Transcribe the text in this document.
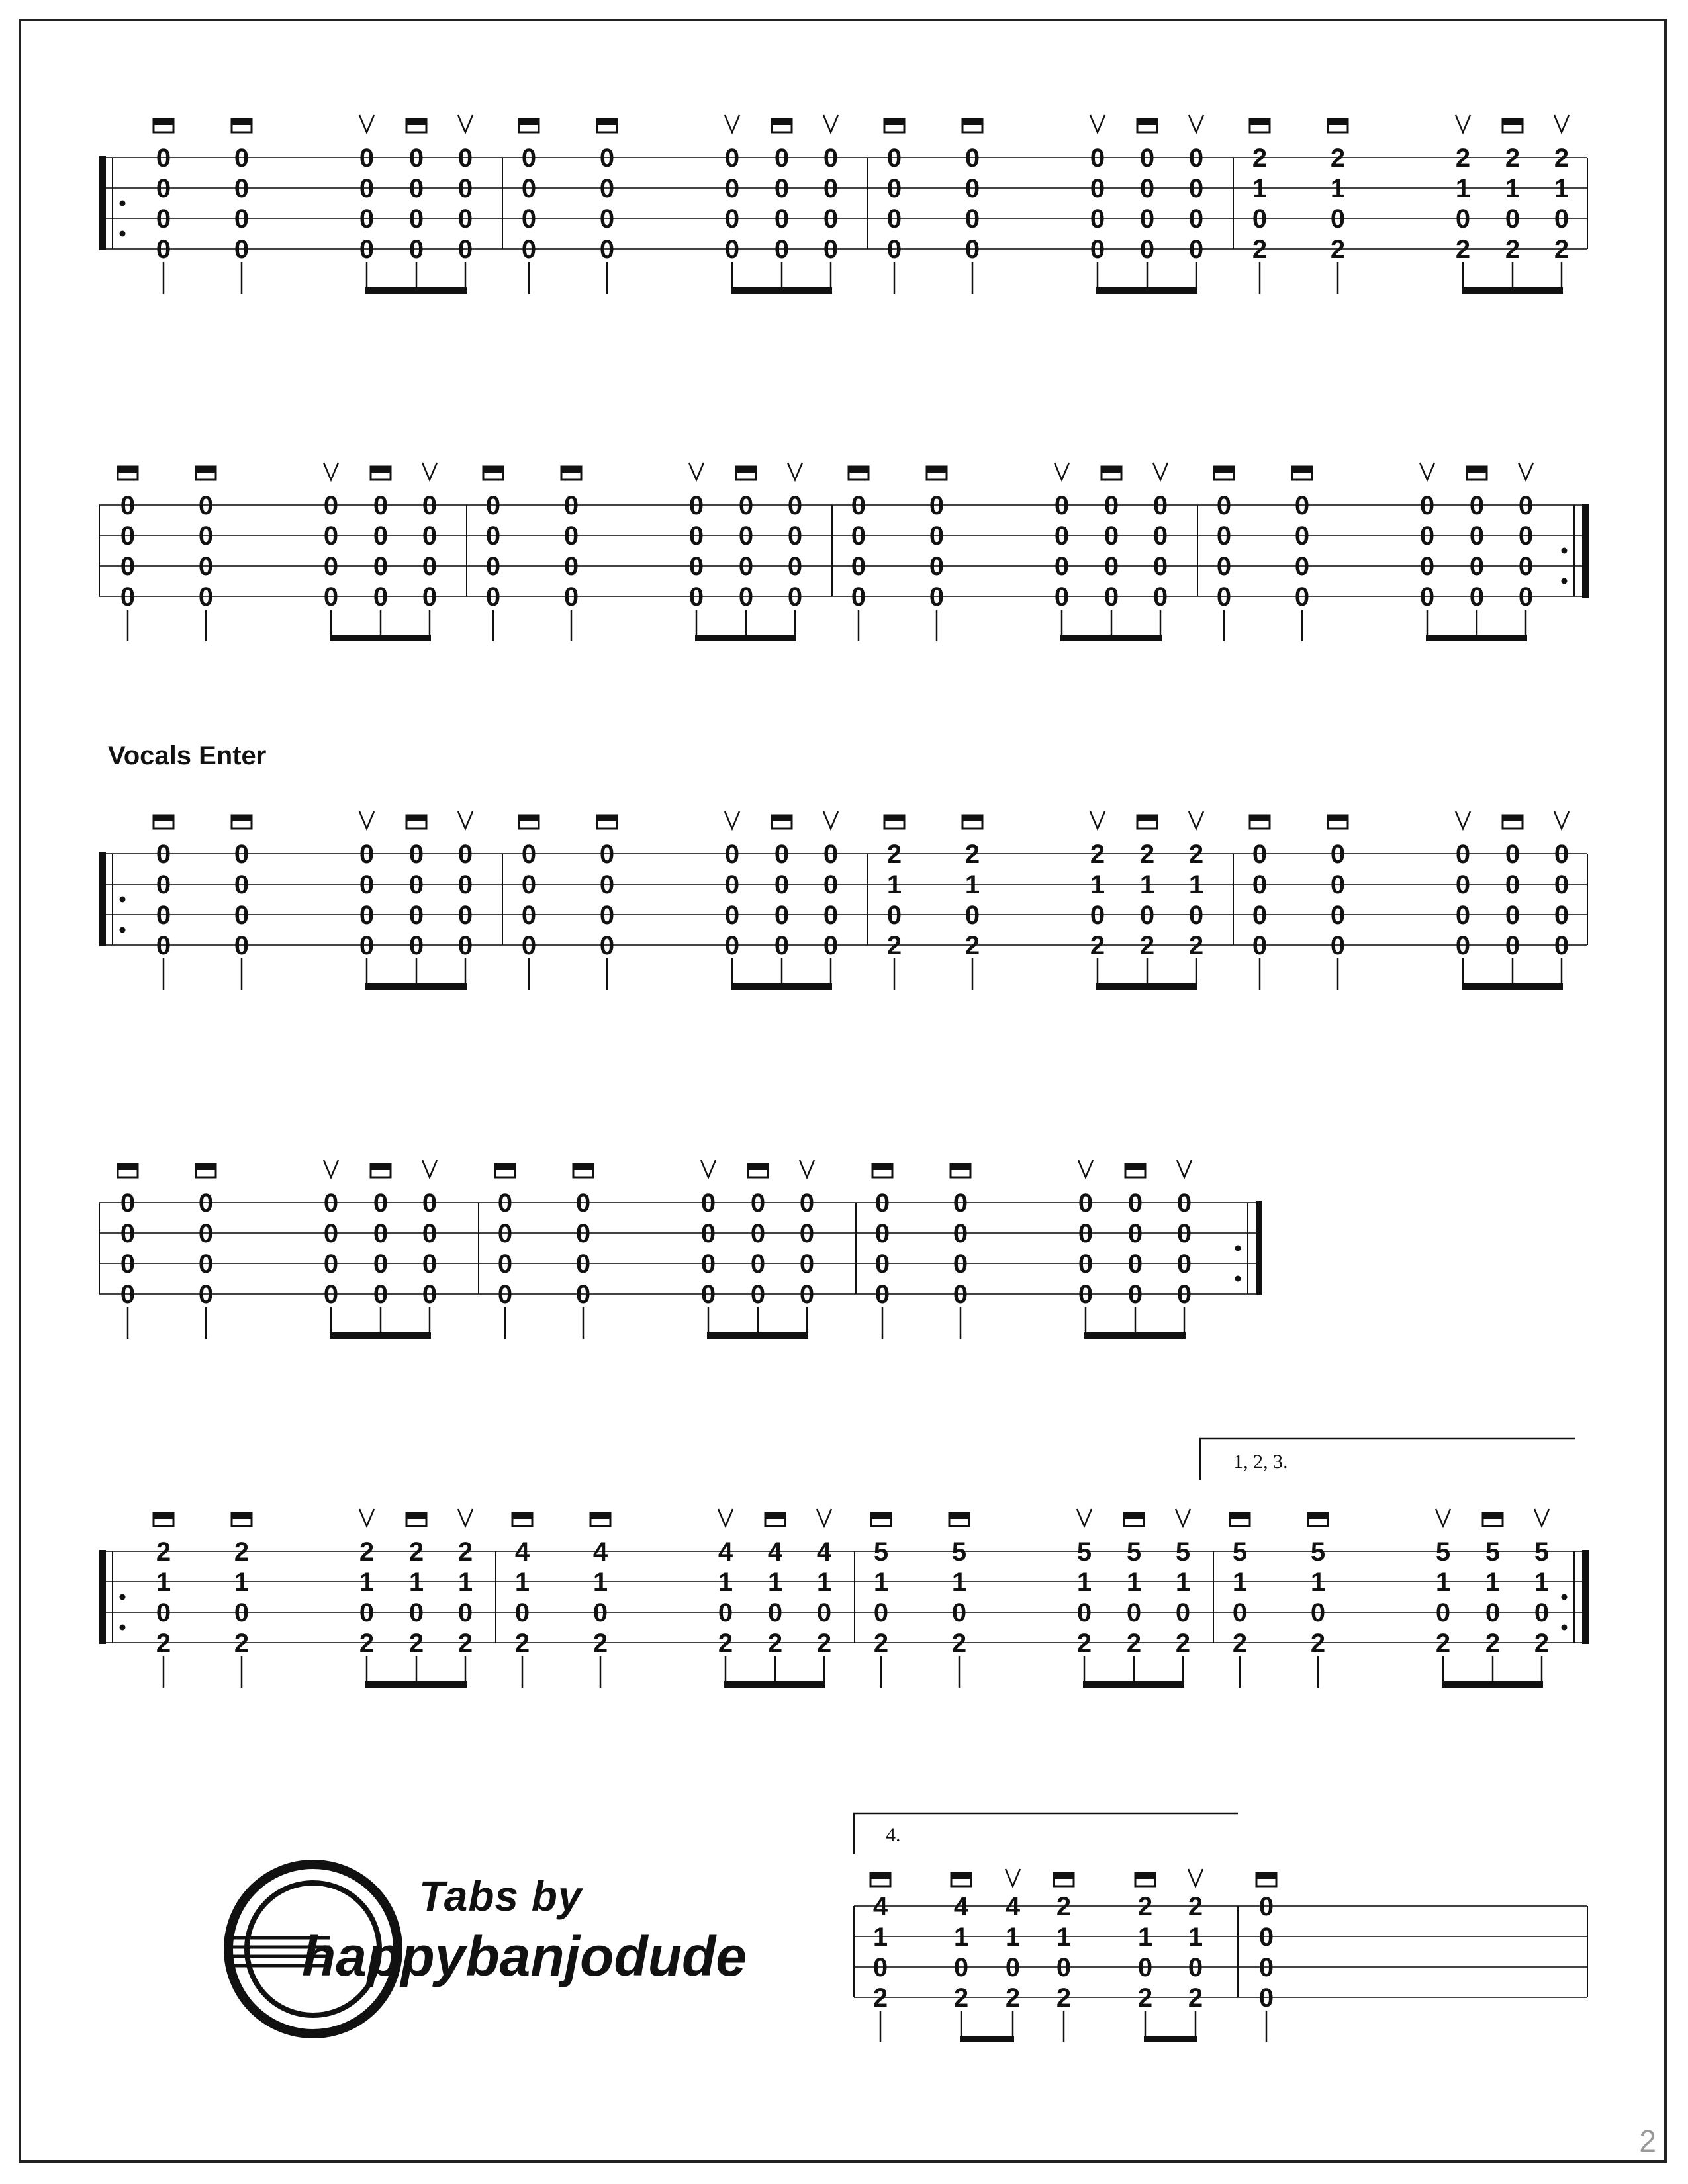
Vocals Enter
0
0
0
0
0
0
0
0
0
0
0
0
0
0
0
0
0
0
0
0
0
0
0
0
0
0
0
0
0
0
0
0
0
0
0
0
0
0
0
0
0
0
0
0
0
0
0
0
0
0
0
0
0
0
0
0
0
0
0
0
2
1
0
2
2
1
0
2
2
1
0
2
2
1
0
2
2
1
0
2
0
0
0
0
0
0
0
0
0
0
0
0
0
0
0
0
0
0
0
0
0
0
0
0
0
0
0
0
0
0
0
0
0
0
0
0
0
0
0
0
0
0
0
0
0
0
0
0
0
0
0
0
0
0
0
0
0
0
0
0
0
0
0
0
0
0
0
0
0
0
0
0
0
0
0
0
0
0
0
0
0
0
0
0
0
0
0
0
0
0
0
0
0
0
0
0
0
0
0
0
0
0
0
0
0
0
0
0
0
0
0
0
0
0
0
0
0
0
0
0
2
1
0
2
2
1
0
2
2
1
0
2
2
1
0
2
2
1
0
2
0
0
0
0
0
0
0
0
0
0
0
0
0
0
0
0
0
0
0
0
0
0
0
0
0
0
0
0
0
0
0
0
0
0
0
0
0
0
0
0
0
0
0
0
0
0
0
0
0
0
0
0
0
0
0
0
0
0
0
0
0
0
0
0
0
0
0
0
0
0
0
0
0
0
0
0
0
0
0
0
2
1
0
2
2
1
0
2
2
1
0
2
2
1
0
2
2
1
0
2
4
1
0
2
4
1
0
2
4
1
0
2
4
1
0
2
4
1
0
2
5
1
0
2
5
1
0
2
5
1
0
2
5
1
0
2
5
1
0
2
5
1
0
2
5
1
0
2
5
1
0
2
5
1
0
2
5
1
0
2
1, 2, 3.
4.
4
1
0
2
4
1
0
2
4
1
0
2
2
1
0
2
2
1
0
2
2
1
0
2
0
0
0
0
Tabs by
happybanjodude
2
